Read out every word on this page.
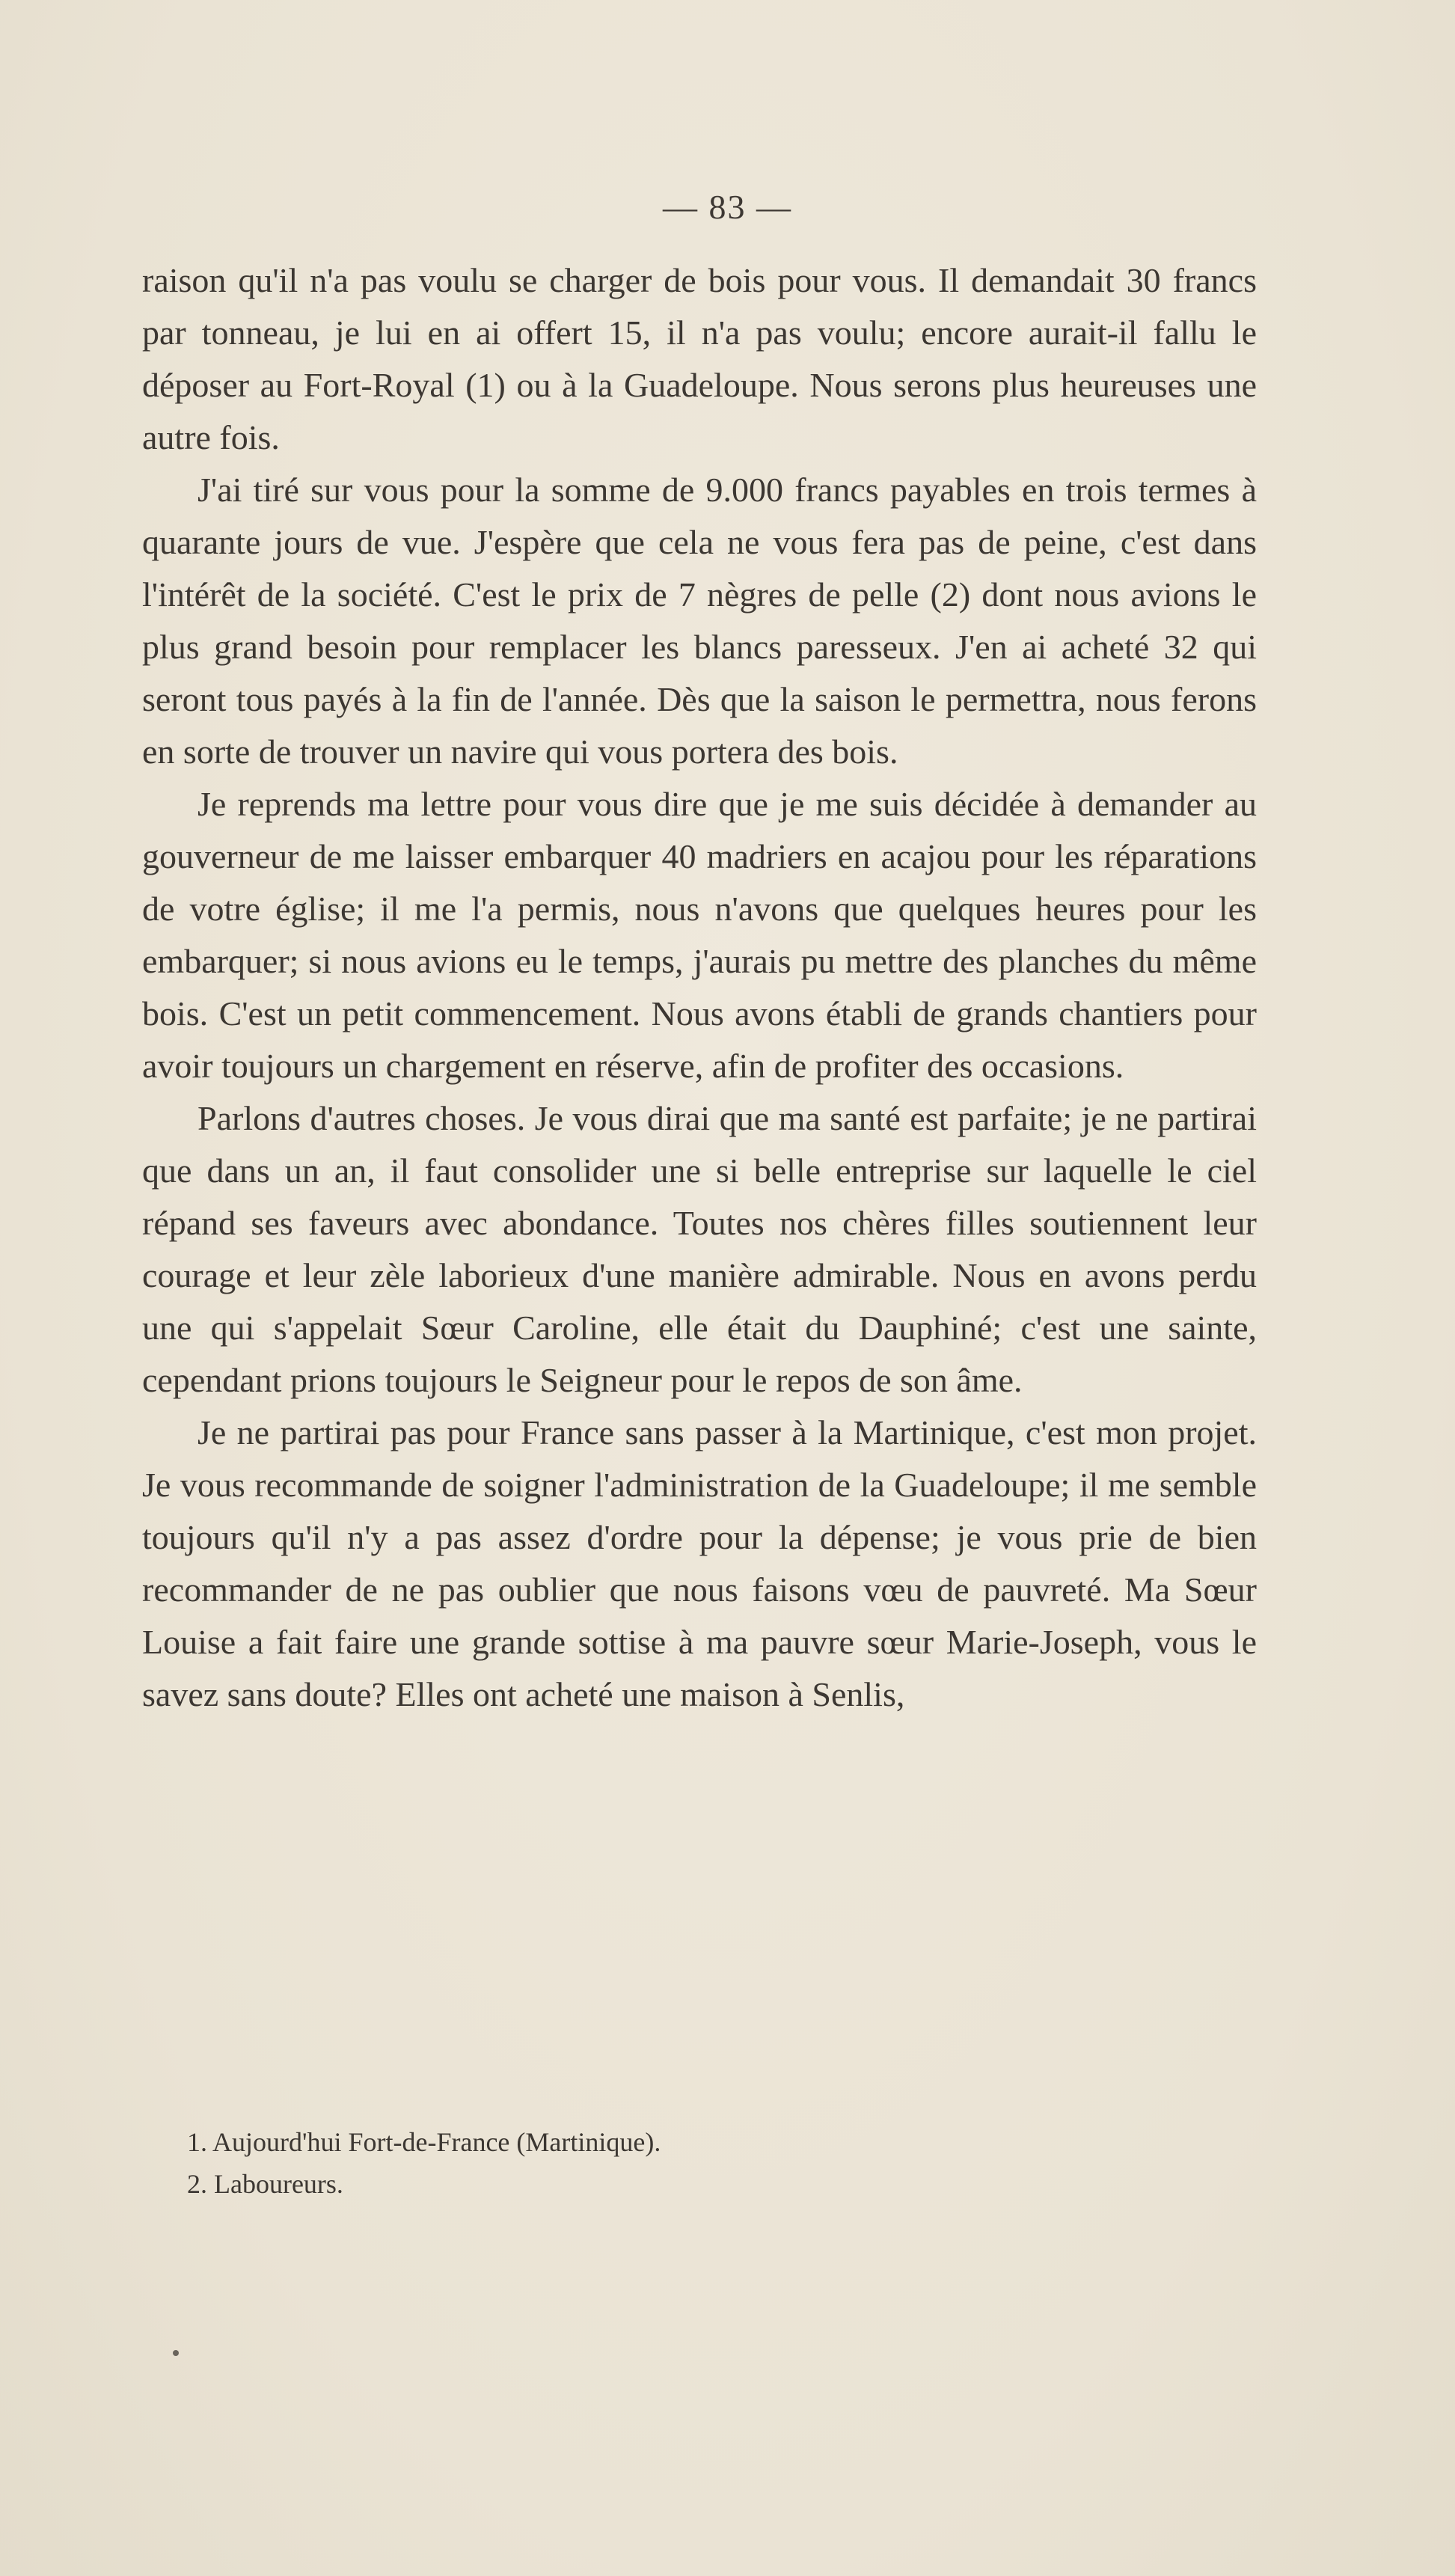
— 83 —

raison qu'il n'a pas voulu se charger de bois pour vous. Il demandait 30 francs par tonneau, je lui en ai offert 15, il n'a pas voulu; encore aurait-il fallu le déposer au Fort-Royal (1) ou à la Guadeloupe. Nous serons plus heureuses une autre fois.

J'ai tiré sur vous pour la somme de 9.000 francs payables en trois termes à quarante jours de vue. J'espère que cela ne vous fera pas de peine, c'est dans l'intérêt de la société. C'est le prix de 7 nègres de pelle (2) dont nous avions le plus grand besoin pour remplacer les blancs paresseux. J'en ai acheté 32 qui seront tous payés à la fin de l'année. Dès que la saison le permettra, nous ferons en sorte de trouver un navire qui vous portera des bois.

Je reprends ma lettre pour vous dire que je me suis décidée à demander au gouverneur de me laisser embarquer 40 madriers en acajou pour les réparations de votre église; il me l'a permis, nous n'avons que quelques heures pour les embarquer; si nous avions eu le temps, j'aurais pu mettre des planches du même bois. C'est un petit commencement. Nous avons établi de grands chantiers pour avoir toujours un chargement en réserve, afin de profiter des occasions.

Parlons d'autres choses. Je vous dirai que ma santé est parfaite; je ne partirai que dans un an, il faut consolider une si belle entreprise sur laquelle le ciel répand ses faveurs avec abondance. Toutes nos chères filles soutiennent leur courage et leur zèle laborieux d'une manière admirable. Nous en avons perdu une qui s'appelait Sœur Caroline, elle était du Dauphiné; c'est une sainte, cependant prions toujours le Seigneur pour le repos de son âme.

Je ne partirai pas pour France sans passer à la Martinique, c'est mon projet. Je vous recommande de soigner l'administration de la Guadeloupe; il me semble toujours qu'il n'y a pas assez d'ordre pour la dépense; je vous prie de bien recommander de ne pas oublier que nous faisons vœu de pauvreté. Ma Sœur Louise a fait faire une grande sottise à ma pauvre sœur Marie-Joseph, vous le savez sans doute? Elles ont acheté une maison à Senlis,

1. Aujourd'hui Fort-de-France (Martinique).

2. Laboureurs.
